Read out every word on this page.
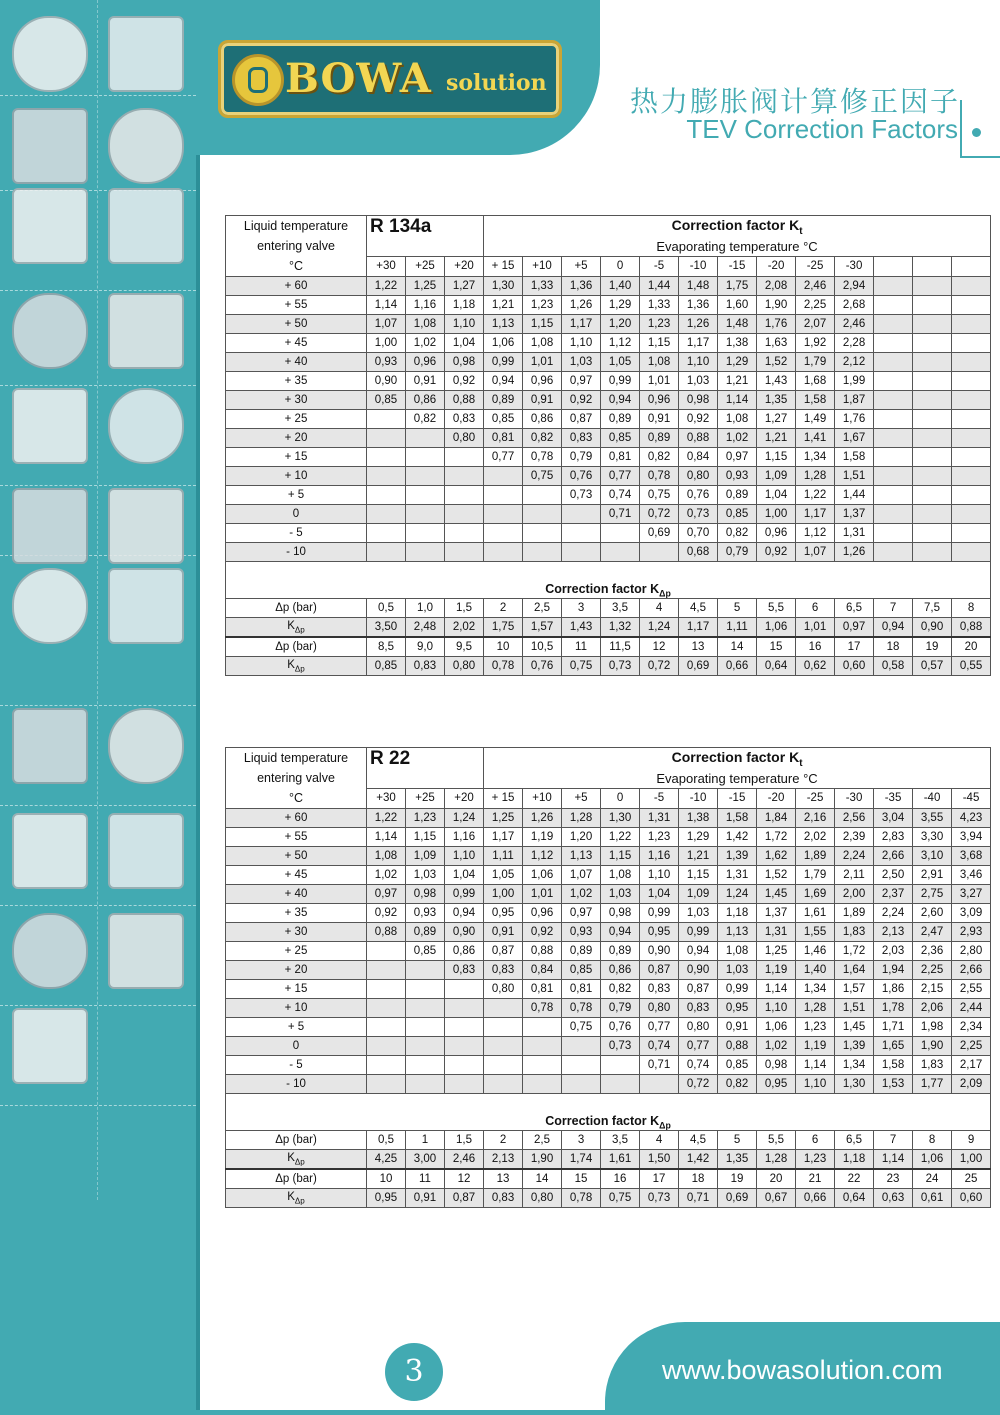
BOWA solution
热力膨胀阀计算修正因子
TEV Correction Factors
Liquid temperature
entering valve
°C	R 134a			Correction factor $K_t$
				Evaporating temperature °C												
	+30	+25	+20	+ 15	+10	+5	0	-5	-10	-15	-20	-25	-30			
+ 60	1,22	1,25	1,27	1,30	1,33	1,36	1,40	1,44	1,48	1,75	2,08	2,46	2,94			
+ 55	1,14	1,16	1,18	1,21	1,23	1,26	1,29	1,33	1,36	1,60	1,90	2,25	2,68			
+ 50	1,07	1,08	1,10	1,13	1,15	1,17	1,20	1,23	1,26	1,48	1,76	2,07	2,46			
+ 45	1,00	1,02	1,04	1,06	1,08	1,10	1,12	1,15	1,17	1,38	1,63	1,92	2,28			
+ 40	0,93	0,96	0,98	0,99	1,01	1,03	1,05	1,08	1,10	1,29	1,52	1,79	2,12			
+ 35	0,90	0,91	0,92	0,94	0,96	0,97	0,99	1,01	1,03	1,21	1,43	1,68	1,99			
+ 30	0,85	0,86	0,88	0,89	0,91	0,92	0,94	0,96	0,98	1,14	1,35	1,58	1,87			
+ 25		0,82	0,83	0,85	0,86	0,87	0,89	0,91	0,92	1,08	1,27	1,49	1,76			
+ 20			0,80	0,81	0,82	0,83	0,85	0,89	0,88	1,02	1,21	1,41	1,67			
+ 15				0,77	0,78	0,79	0,81	0,82	0,84	0,97	1,15	1,34	1,58			
+ 10					0,75	0,76	0,77	0,78	0,80	0,93	1,09	1,28	1,51			
+ 5						0,73	0,74	0,75	0,76	0,89	1,04	1,22	1,44			
0							0,71	0,72	0,73	0,85	1,00	1,17	1,37			
- 5								0,69	0,70	0,82	0,96	1,12	1,31			
- 10									0,68	0,79	0,92	1,07	1,26			
Correction factor $K_{\Delta p}$
Δp (bar)	0,5	1,0	1,5	2	2,5	3	3,5	4	4,5	5	5,5	6	6,5	7	7,5	8
$K_{\Delta p}$	3,50	2,48	2,02	1,75	1,57	1,43	1,32	1,24	1,17	1,11	1,06	1,01	0,97	0,94	0,90	0,88
Δp (bar)	8,5	9,0	9,5	10	10,5	11	11,5	12	13	14	15	16	17	18	19	20
$K_{\Delta p}$	0,85	0,83	0,80	0,78	0,76	0,75	0,73	0,72	0,69	0,66	0,64	0,62	0,60	0,58	0,57	0,55
Liquid temperature
entering valve
°C	R 22			Correction factor $K_t$
				Evaporating temperature °C												
	+30	+25	+20	+ 15	+10	+5	0	-5	-10	-15	-20	-25	-30	-35	-40	-45
+ 60	1,22	1,23	1,24	1,25	1,26	1,28	1,30	1,31	1,38	1,58	1,84	2,16	2,56	3,04	3,55	4,23
+ 55	1,14	1,15	1,16	1,17	1,19	1,20	1,22	1,23	1,29	1,42	1,72	2,02	2,39	2,83	3,30	3,94
+ 50	1,08	1,09	1,10	1,11	1,12	1,13	1,15	1,16	1,21	1,39	1,62	1,89	2,24	2,66	3,10	3,68
+ 45	1,02	1,03	1,04	1,05	1,06	1,07	1,08	1,10	1,15	1,31	1,52	1,79	2,11	2,50	2,91	3,46
+ 40	0,97	0,98	0,99	1,00	1,01	1,02	1,03	1,04	1,09	1,24	1,45	1,69	2,00	2,37	2,75	3,27
+ 35	0,92	0,93	0,94	0,95	0,96	0,97	0,98	0,99	1,03	1,18	1,37	1,61	1,89	2,24	2,60	3,09
+ 30	0,88	0,89	0,90	0,91	0,92	0,93	0,94	0,95	0,99	1,13	1,31	1,55	1,83	2,13	2,47	2,93
+ 25		0,85	0,86	0,87	0,88	0,89	0,89	0,90	0,94	1,08	1,25	1,46	1,72	2,03	2,36	2,80
+ 20			0,83	0,83	0,84	0,85	0,86	0,87	0,90	1,03	1,19	1,40	1,64	1,94	2,25	2,66
+ 15				0,80	0,81	0,81	0,82	0,83	0,87	0,99	1,14	1,34	1,57	1,86	2,15	2,55
+ 10					0,78	0,78	0,79	0,80	0,83	0,95	1,10	1,28	1,51	1,78	2,06	2,44
+ 5						0,75	0,76	0,77	0,80	0,91	1,06	1,23	1,45	1,71	1,98	2,34
0							0,73	0,74	0,77	0,88	1,02	1,19	1,39	1,65	1,90	2,25
- 5								0,71	0,74	0,85	0,98	1,14	1,34	1,58	1,83	2,17
- 10									0,72	0,82	0,95	1,10	1,30	1,53	1,77	2,09
Correction factor $K_{\Delta p}$
Δp (bar)	0,5	1	1,5	2	2,5	3	3,5	4	4,5	5	5,5	6	6,5	7	8	9
$K_{\Delta p}$	4,25	3,00	2,46	2,13	1,90	1,74	1,61	1,50	1,42	1,35	1,28	1,23	1,18	1,14	1,06	1,00
Δp (bar)	10	11	12	13	14	15	16	17	18	19	20	21	22	23	24	25
$K_{\Delta p}$	0,95	0,91	0,87	0,83	0,80	0,78	0,75	0,73	0,71	0,69	0,67	0,66	0,64	0,63	0,61	0,60
www.bowasolution.com
3
